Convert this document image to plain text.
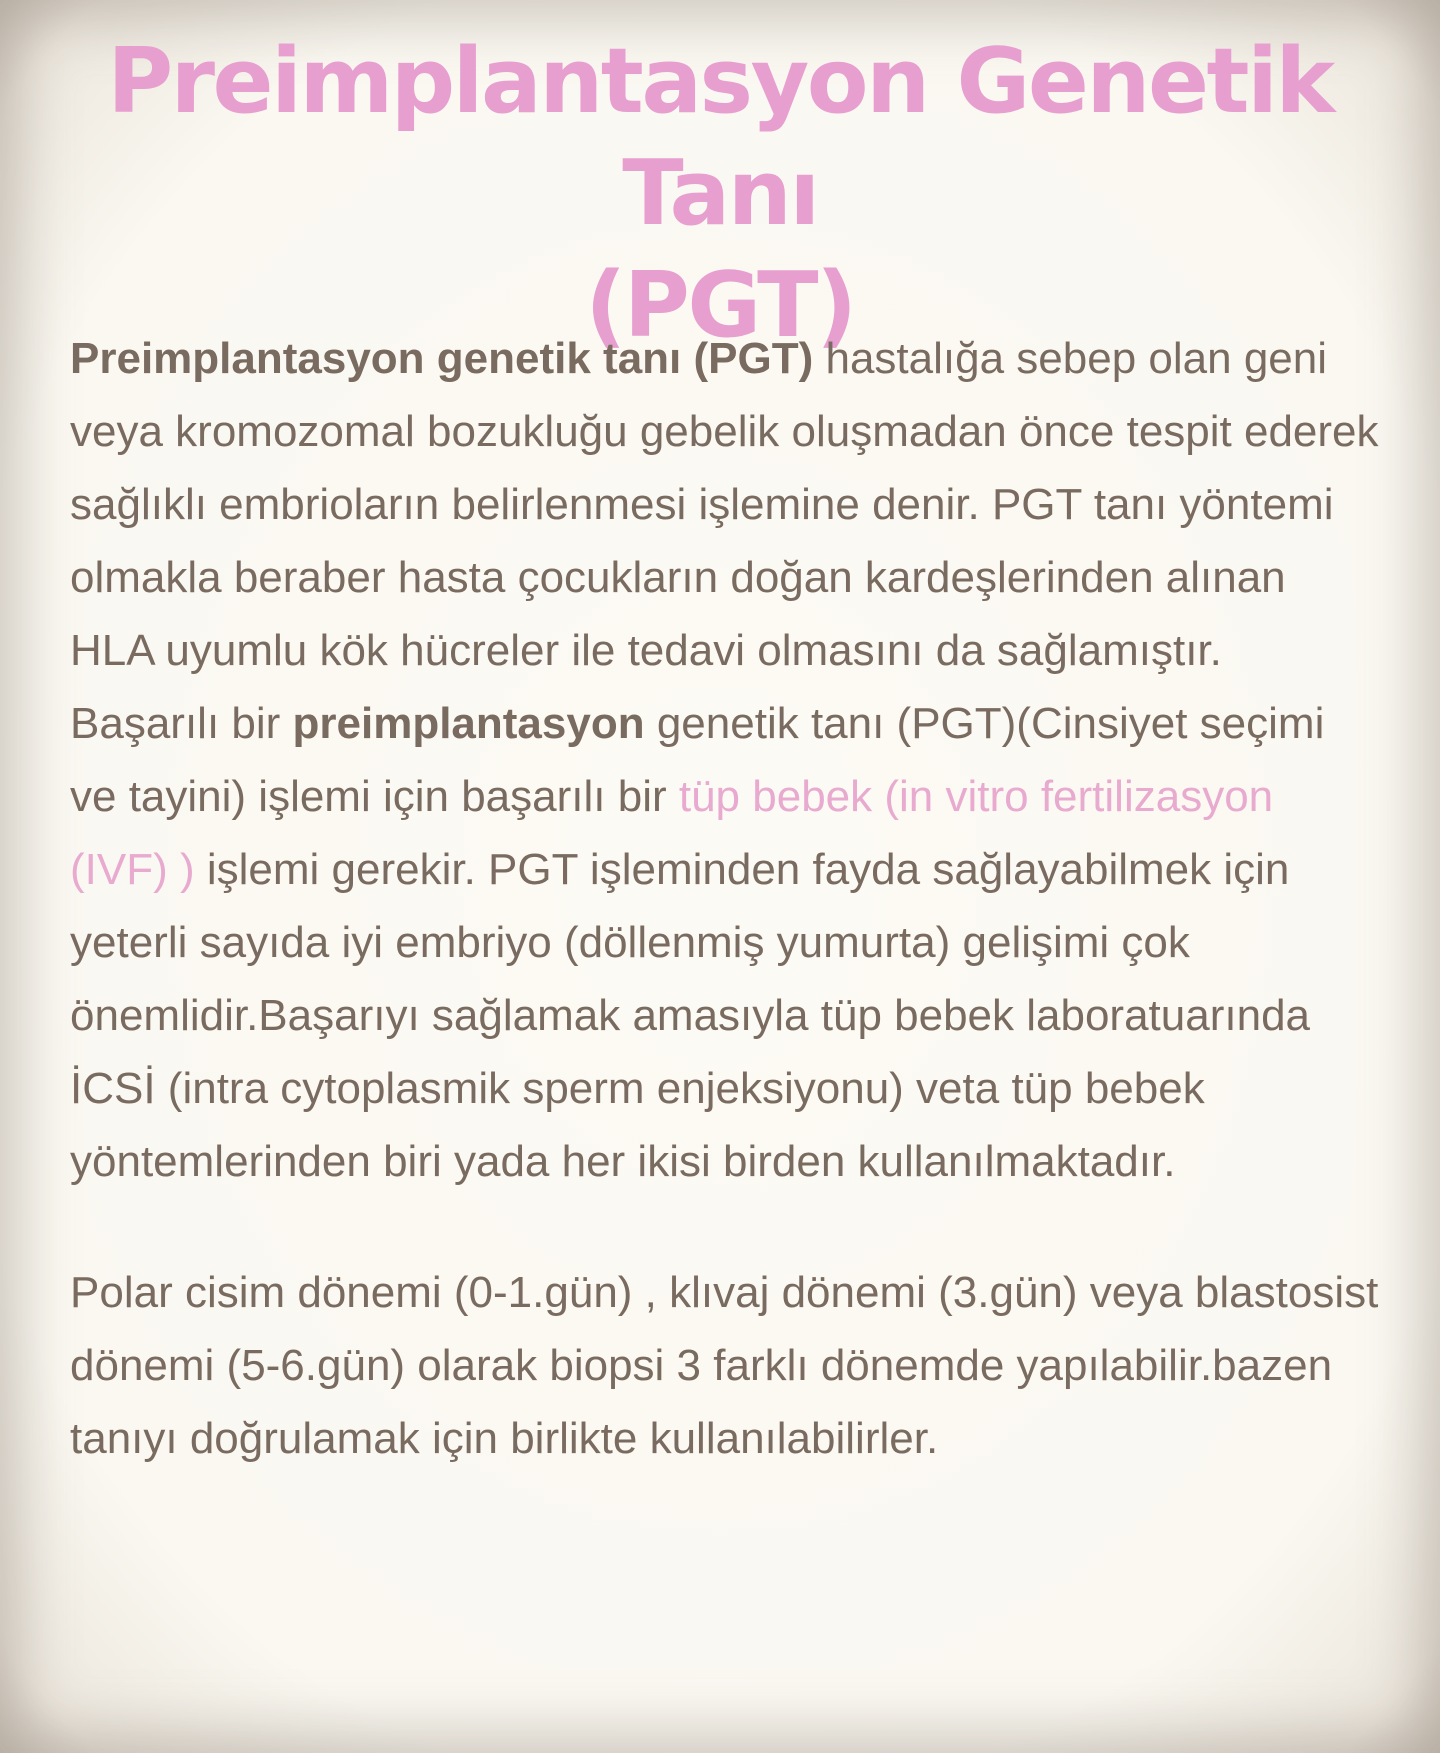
Preimplantasyon Genetik Tanı
(PGT)

Preimplantasyon genetik tanı (PGT) hastalığa sebep olan geni veya kromozomal bozukluğu gebelik oluşmadan önce tespit ederek sağlıklı embrioların belirlenmesi işlemine denir. PGT tanı yöntemi olmakla beraber hasta çocukların doğan kardeşlerinden alınan HLA uyumlu kök hücreler ile tedavi olmasını da sağlamıştır.

Başarılı bir preimplantasyon genetik tanı (PGT)(Cinsiyet seçimi ve tayini) işlemi için başarılı bir tüp bebek (in vitro fertilizasyon (IVF) ) işlemi gerekir. PGT işleminden fayda sağlayabilmek için yeterli sayıda iyi embriyo (döllenmiş yumurta) gelişimi çok önemlidir.Başarıyı sağlamak amasıyla tüp bebek laboratuarında İCSİ (intra cytoplasmik sperm enjeksiyonu) veta tüp bebek yöntemlerinden biri yada her ikisi birden kullanılmaktadır.

Polar cisim dönemi (0-1.gün) , klıvaj dönemi (3.gün) veya blastosist dönemi (5-6.gün) olarak biopsi 3 farklı dönemde yapılabilir.bazen tanıyı doğrulamak için birlikte kullanılabilirler.
